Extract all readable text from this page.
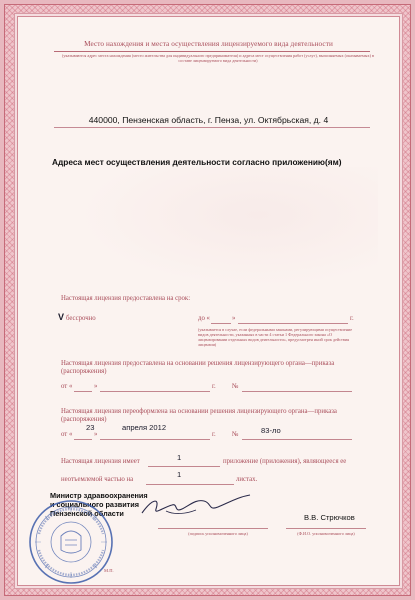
Место нахождения и места осуществления лицензируемого вида деятельности
(указываются адрес места нахождения (место жительства для индивидуального предпринимателя) и адреса мест осуществления работ (услуг), выполняемых (оказываемых) в составе лицензируемого вида деятельности)
440000, Пензенская область, г. Пенза, ул. Октябрьская, д. 4
Адреса мест осуществления деятельности согласно приложению(ям)
Настоящая лицензия предоставлена на срок:
V бессрочно	до «	»	г.
(указывается в случае, если федеральными законами, регулирующими осуществление видов деятельности, указанных в части 4 статьи 1 Федерального закона «О лицензировании отдельных видов деятельности», предусмотрен иной срок действия лицензии)
Настоящая лицензия предоставлена на основании решения лицензирующего органа—приказа (распоряжения)
от «	»	г. №
Настоящая лицензия переоформлена на основании решения лицензирующего органа—приказа (распоряжения)
23	апреля 2012
от «	»	г. №	83-ло
Настоящая лицензия имеет	1	приложение (приложения), являющееся ее
неотъемлемой частью на
1
листах.
Министр здравоохранения
и социального развития
Пензенской области
(подпись уполномоченного лица)
В.В. Стрючков
(Ф.И.О. уполномоченного лица)
М.П.
